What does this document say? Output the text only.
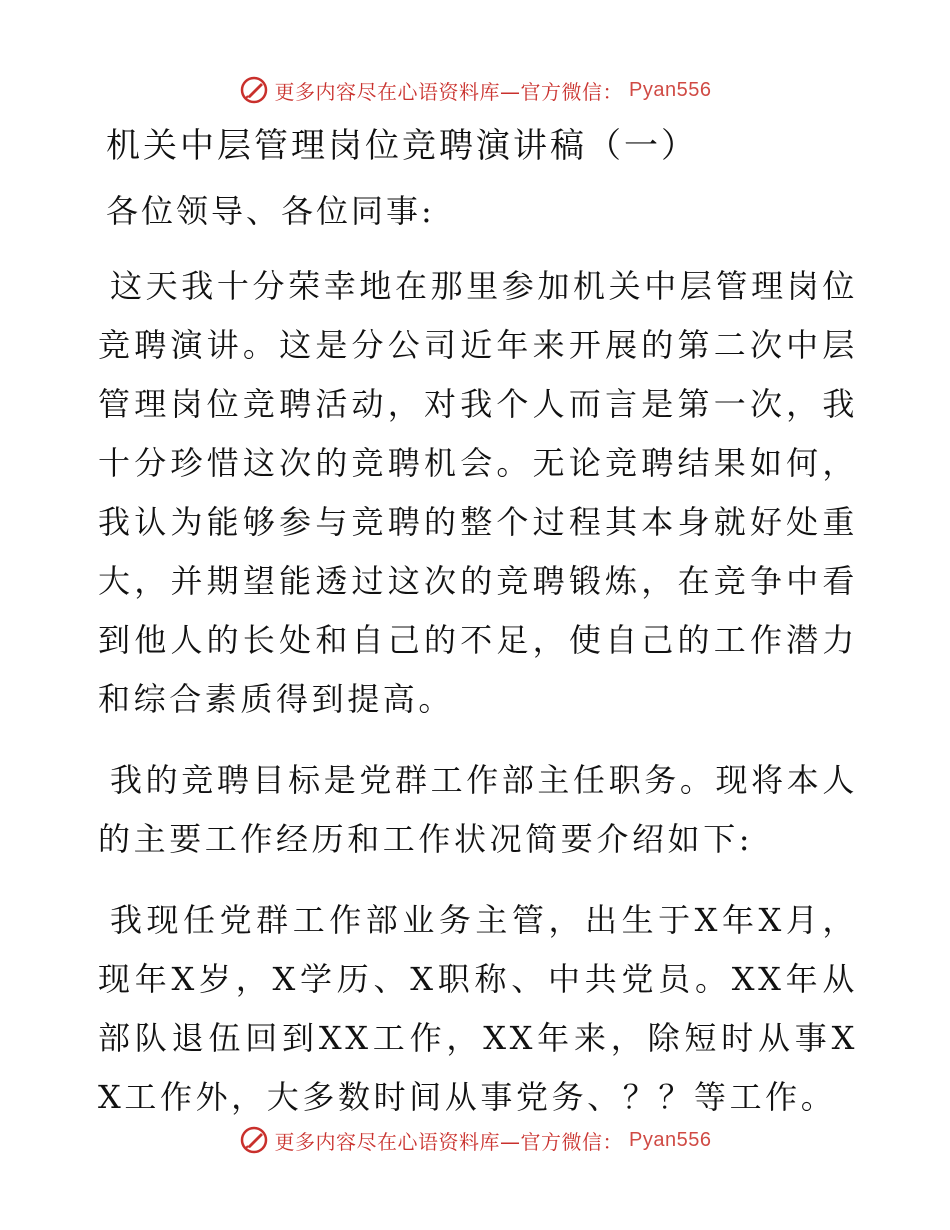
更多内容尽在心语资料库—官方微信： Pyan556
机关中层管理岗位竞聘演讲稿（一）

各位领导、各位同事:

这天我十分荣幸地在那里参加机关中层管理岗位竞聘演讲。这是分公司近年来开展的第二次中层管理岗位竞聘活动，对我个人而言是第一次，我十分珍惜这次的竞聘机会。无论竞聘结果如何，我认为能够参与竞聘的整个过程其本身就好处重大，并期望能透过这次的竞聘锻炼，在竞争中看到他人的长处和自己的不足，使自己的工作潜力和综合素质得到提高。

我的竞聘目标是党群工作部主任职务。现将本人的主要工作经历和工作状况简要介绍如下:

我现任党群工作部业务主管，出生于X年X月，现年X岁，X学历、X职称、中共党员。XX年从部队退伍回到XX工作，XX年来，除短时从事XX工作外，大多数时间从事党务、？？等工作。

更多内容尽在心语资料库—官方微信： Pyan556
